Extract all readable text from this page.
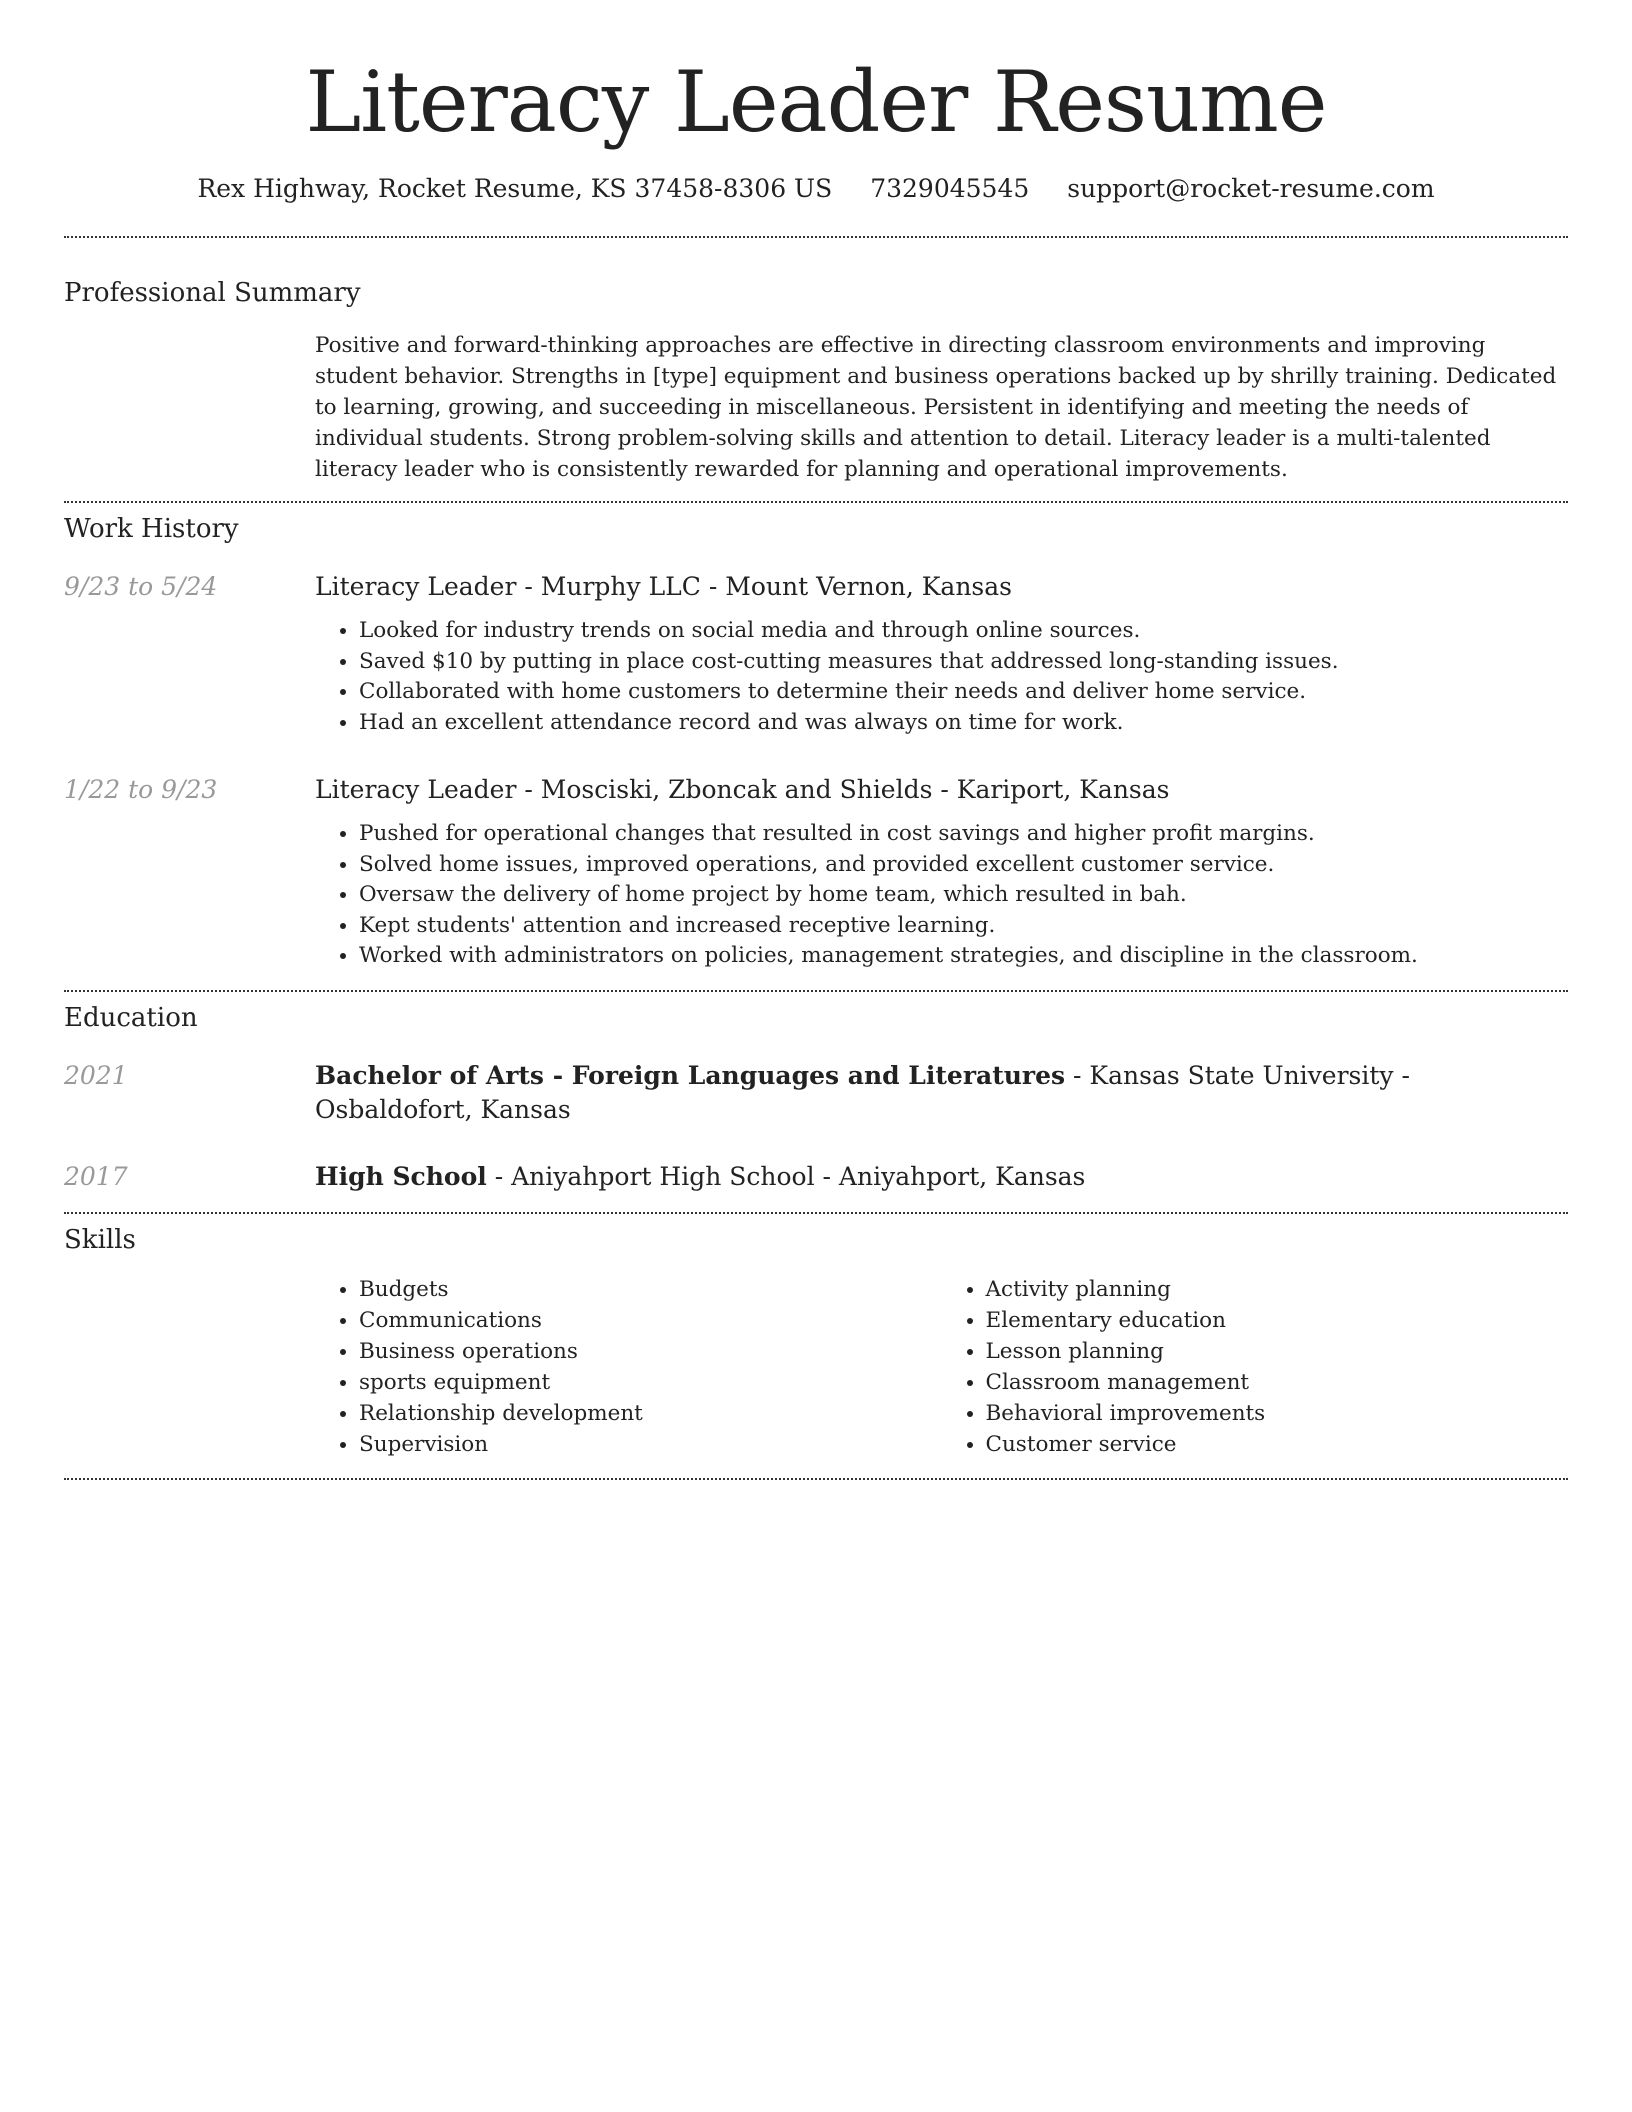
Literacy Leader Resume
Rex Highway, Rocket Resume, KS 37458-8306 US 7329045545 support@rocket-resume.com
Professional Summary
Positive and forward-thinking approaches are effective in directing classroom environments and improving student behavior. Strengths in [type] equipment and business operations backed up by shrilly training. Dedicated to learning, growing, and succeeding in miscellaneous. Persistent in identifying and meeting the needs of individual students. Strong problem-solving skills and attention to detail. Literacy leader is a multi-talented literacy leader who is consistently rewarded for planning and operational improvements.
Work History
9/23 to 5/24	Literacy Leader - Murphy LLC - Mount Vernon, Kansas
• Looked for industry trends on social media and through online sources.
• Saved $10 by putting in place cost-cutting measures that addressed long-standing issues.
• Collaborated with home customers to determine their needs and deliver home service.
• Had an excellent attendance record and was always on time for work.
1/22 to 9/23	Literacy Leader - Mosciski, Zboncak and Shields - Kariport, Kansas
• Pushed for operational changes that resulted in cost savings and higher profit margins.
• Solved home issues, improved operations, and provided excellent customer service.
• Oversaw the delivery of home project by home team, which resulted in bah.
• Kept students' attention and increased receptive learning.
• Worked with administrators on policies, management strategies, and discipline in the classroom.
Education
2021	Bachelor of Arts - Foreign Languages and Literatures - Kansas State University - Osbaldofort, Kansas
2017	High School - Aniyahport High School - Aniyahport, Kansas
Skills
• Budgets
• Communications
• Business operations
• sports equipment
• Relationship development
• Supervision
• Activity planning
• Elementary education
• Lesson planning
• Classroom management
• Behavioral improvements
• Customer service
